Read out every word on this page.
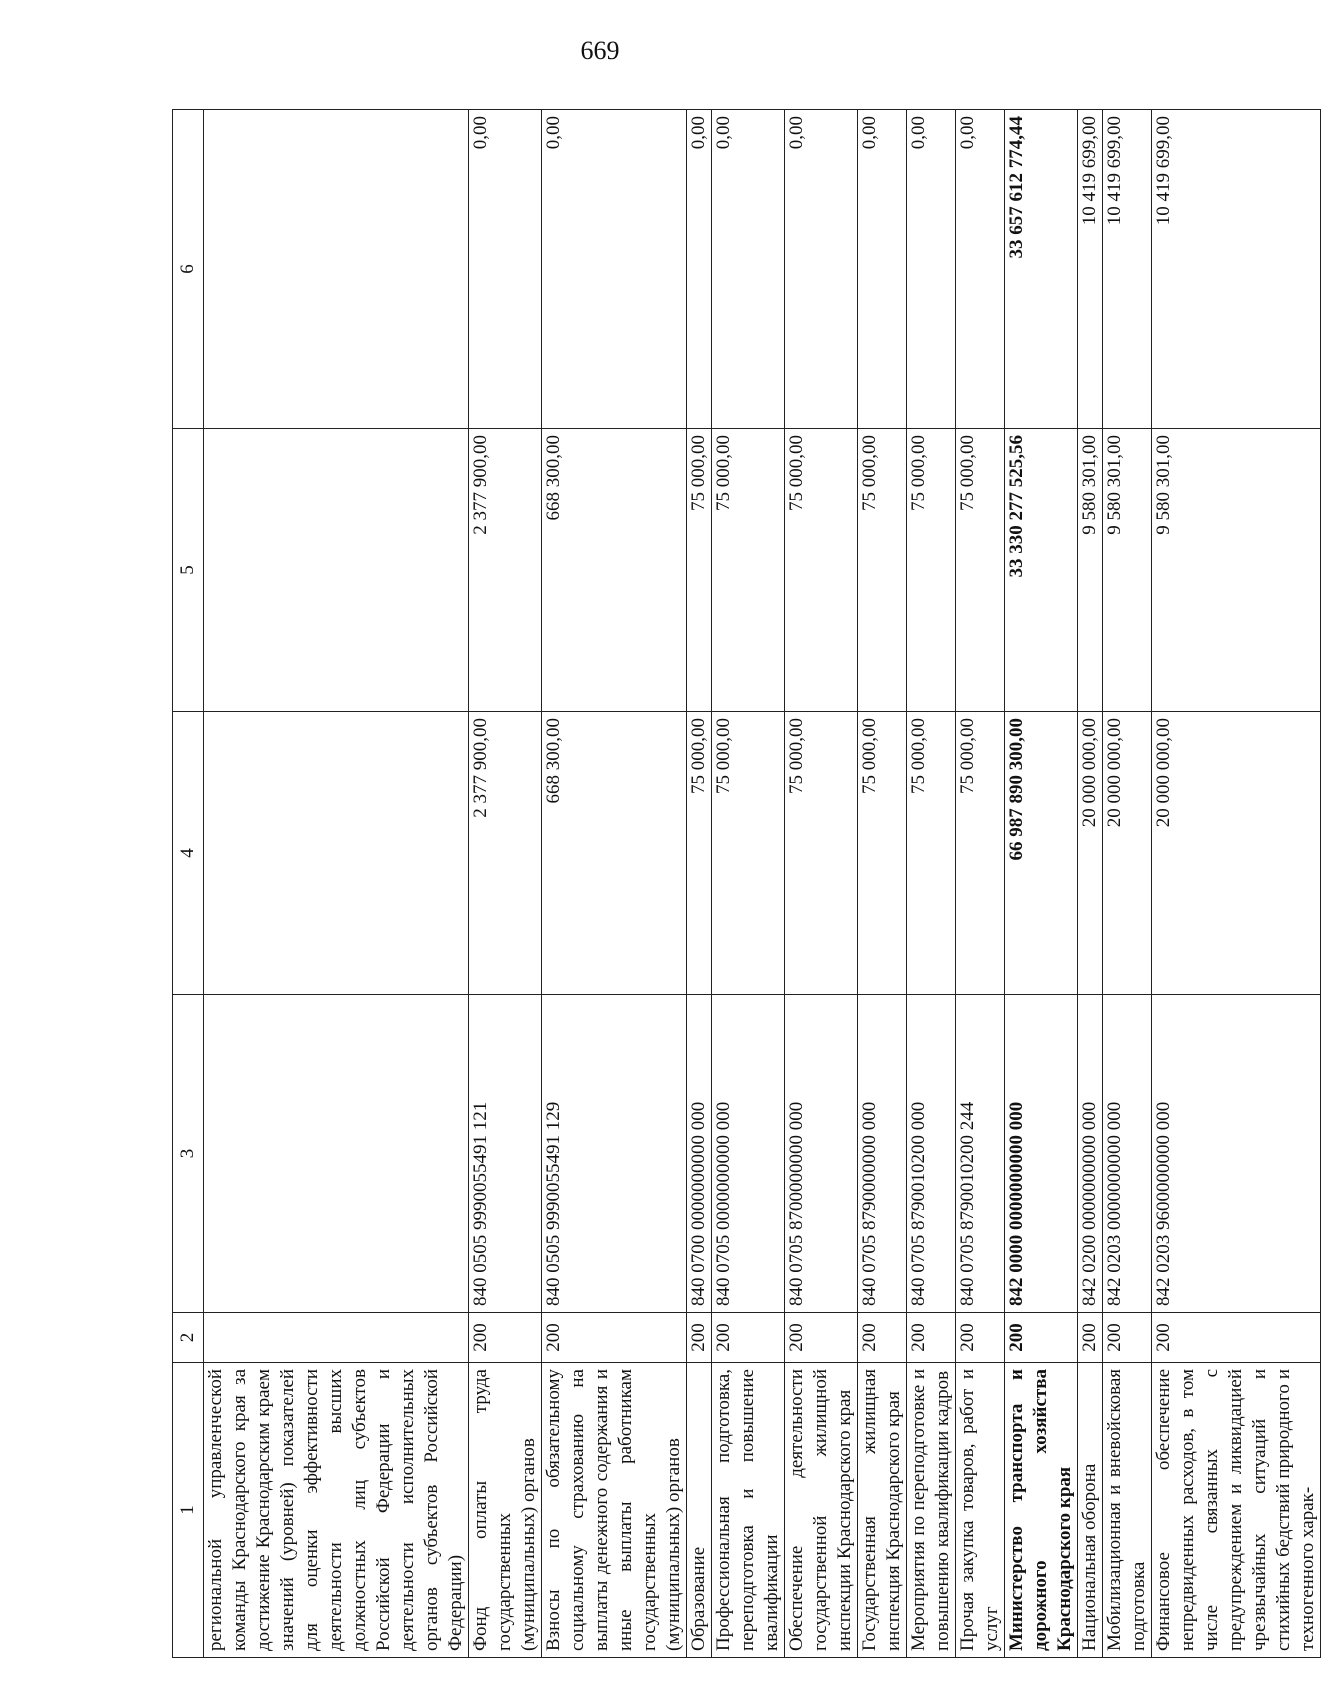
669
1	2	3	4	5	6
региональной управленческой команды Краснодарского края за достижение Краснодарским краем значений (уровней) показателей для оценки эффективности деятельности высших должностных лиц субъектов Российской Федерации и деятельности исполнительных органов субъектов Российской Федерации)					
Фонд оплаты труда государственных (муниципальных) органов	200	840 0505 9990055491 121	2 377 900,00	2 377 900,00	0,00
Взносы по обязательному социальному страхованию на выплаты денежного содержания и иные выплаты работникам государственных (муниципальных) органов	200	840 0505 9990055491 129	668 300,00	668 300,00	0,00
Образование	200	840 0700 0000000000 000	75 000,00	75 000,00	0,00
Профессиональная подготовка, переподготовка и повышение квалификации	200	840 0705 0000000000 000	75 000,00	75 000,00	0,00
Обеспечение деятельности государственной жилищной инспекции Краснодарского края	200	840 0705 8700000000 000	75 000,00	75 000,00	0,00
Государственная жилищная инспекция Краснодарского края	200	840 0705 8790000000 000	75 000,00	75 000,00	0,00
Мероприятия по переподготовке и повышению квалификации кадров	200	840 0705 8790010200 000	75 000,00	75 000,00	0,00
Прочая закупка товаров, работ и услуг	200	840 0705 8790010200 244	75 000,00	75 000,00	0,00
Министерство транспорта и дорожного хозяйства Краснодарского края	200	842 0000 0000000000 000	66 987 890 300,00	33 330 277 525,56	33 657 612 774,44
Национальная оборона	200	842 0200 0000000000 000	20 000 000,00	9 580 301,00	10 419 699,00
Мобилизационная и вневойсковая подготовка	200	842 0203 0000000000 000	20 000 000,00	9 580 301,00	10 419 699,00
Финансовое обеспечение непредвиденных расходов, в том числе связанных с предупреждением и ликвидацией чрезвычайных ситуаций и стихийных бедствий природного и техногенного харак-	200	842 0203 9600000000 000	20 000 000,00	9 580 301,00	10 419 699,00
